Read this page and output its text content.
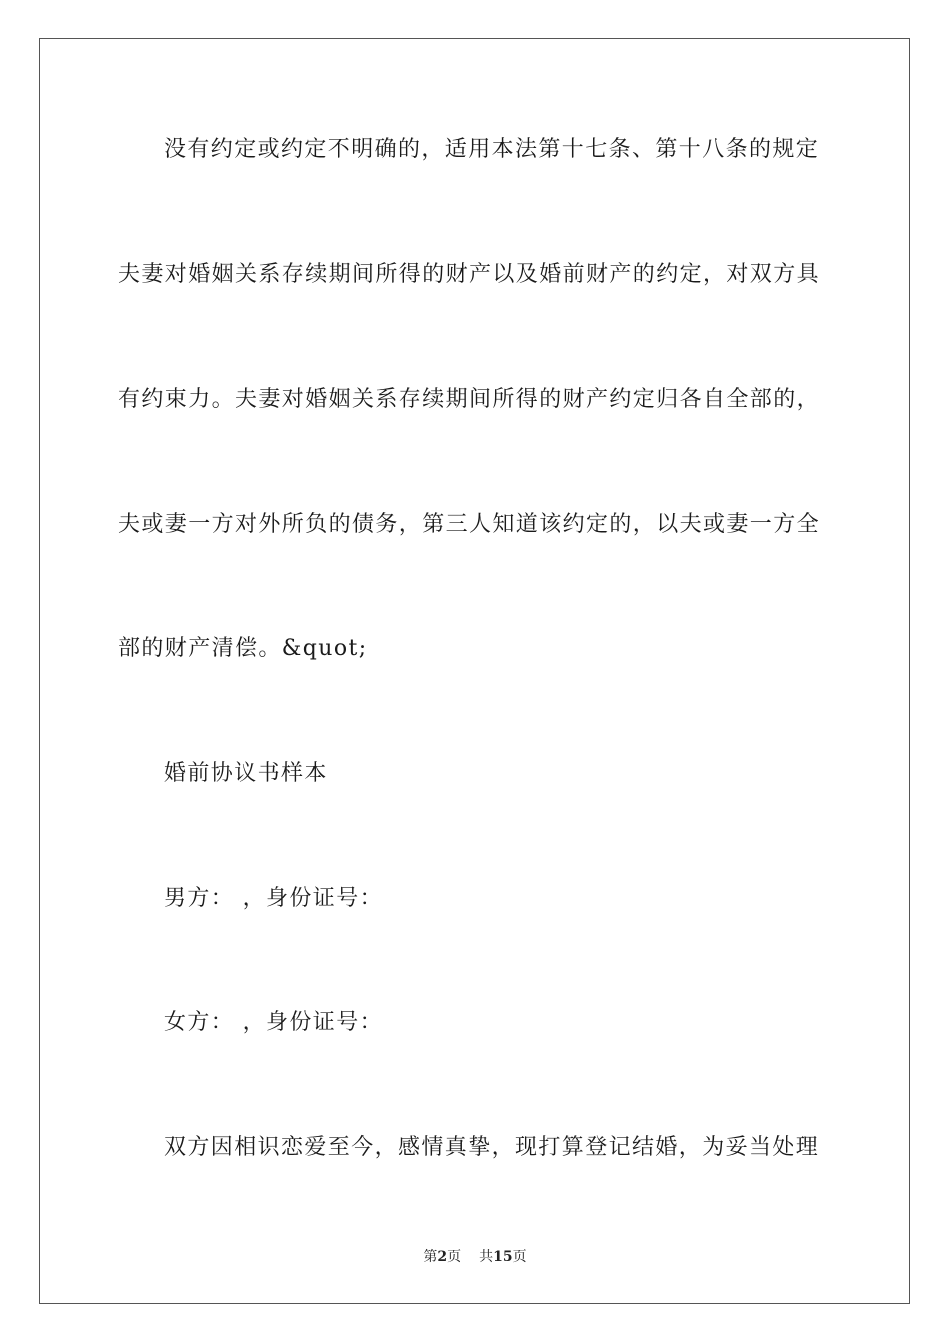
没有约定或约定不明确的，适用本法第十七条、第十八条的规定
夫妻对婚姻关系存续期间所得的财产以及婚前财产的约定，对双方具
有约束力。夫妻对婚姻关系存续期间所得的财产约定归各自全部的，
夫或妻一方对外所负的债务，第三人知道该约定的，以夫或妻一方全
部的财产清偿。&quot;
婚前协议书样本
男方： ，身份证号：
女方： ，身份证号：
双方因相识恋爱至今，感情真挚，现打算登记结婚，为妥当处理
第2页 共15页
